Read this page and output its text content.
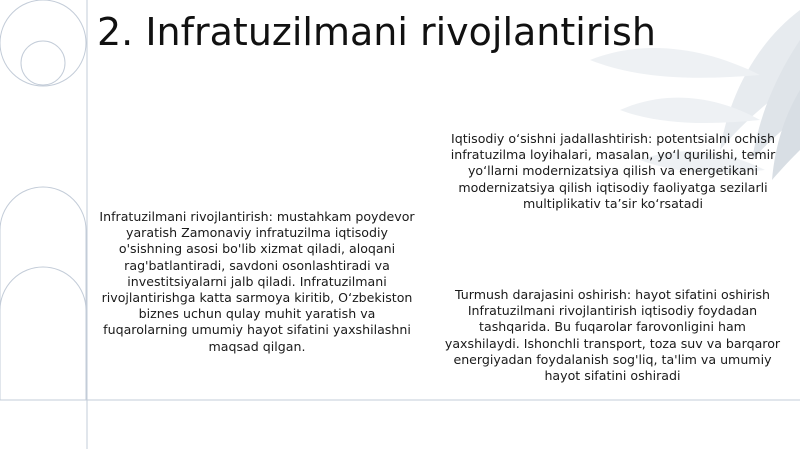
2. Infratuzilmani rivojlantirish
Infratuzilmani rivojlantirish: mustahkam poydevor yaratish Zamonaviy infratuzilma iqtisodiy o'sishning asosi bo'lib xizmat qiladi, aloqani rag'batlantiradi, savdoni osonlashtiradi va investitsiyalarni jalb qiladi. Infratuzilmani rivojlantirishga katta sarmoya kiritib, O‘zbekiston biznes uchun qulay muhit yaratish va fuqarolarning umumiy hayot sifatini yaxshilashni maqsad qilgan.
Iqtisodiy o‘sishni jadallashtirish: potentsialni ochish infratuzilma loyihalari, masalan, yo‘l qurilishi, temir yo‘llarni modernizatsiya qilish va energetikani modernizatsiya qilish iqtisodiy faoliyatga sezilarli multiplikativ ta’sir ko‘rsatadi
Turmush darajasini oshirish: hayot sifatini oshirish Infratuzilmani rivojlantirish iqtisodiy foydadan tashqarida. Bu fuqarolar farovonligini ham yaxshilaydi. Ishonchli transport, toza suv va barqaror energiyadan foydalanish sog'liq, ta'lim va umumiy hayot sifatini oshiradi
